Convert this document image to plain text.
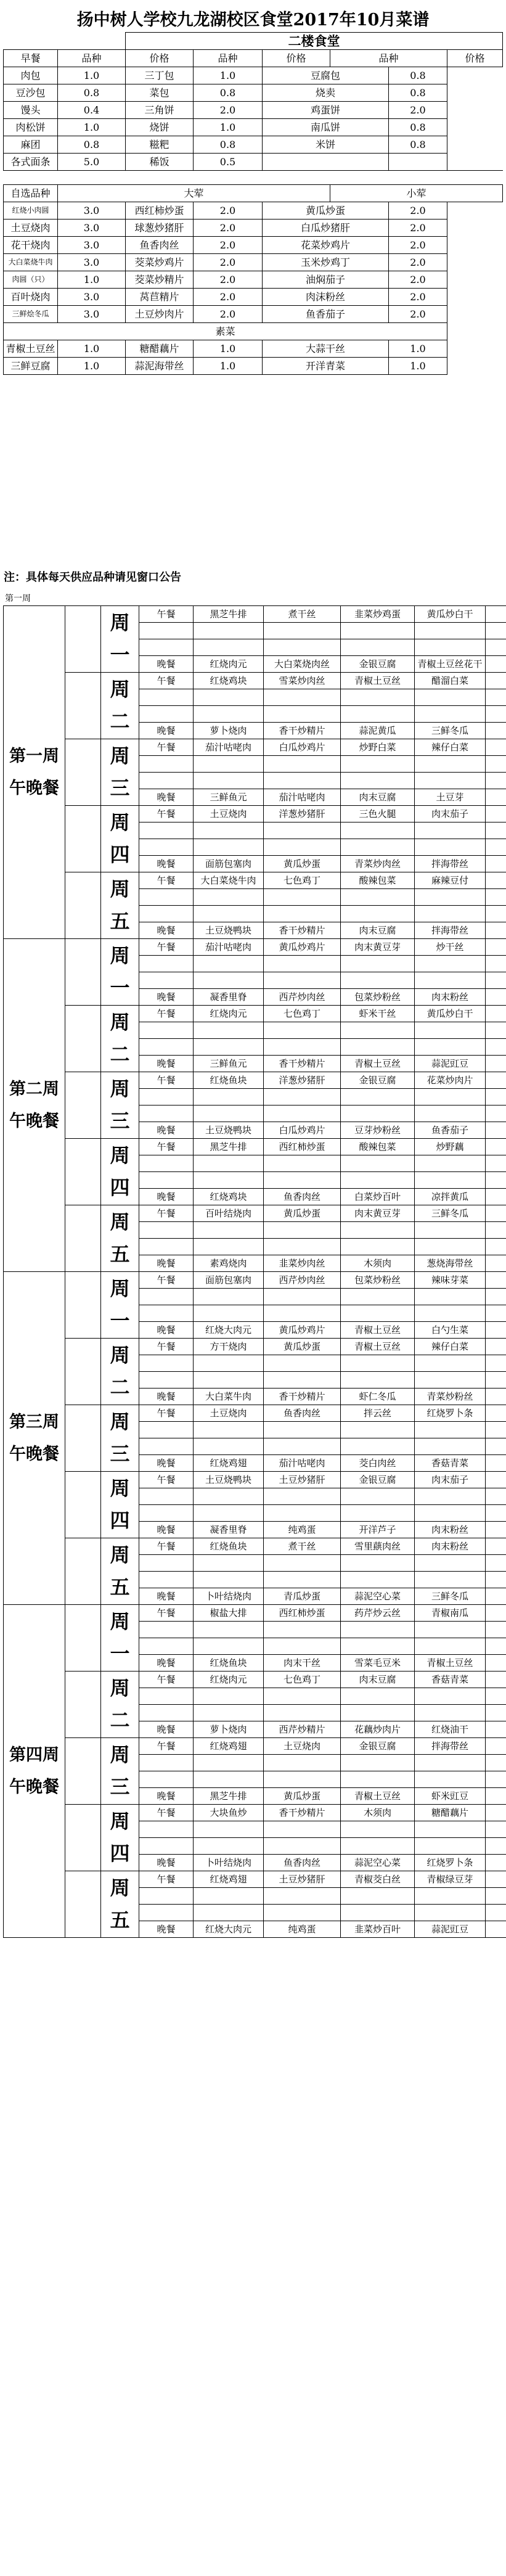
扬中树人学校九龙湖校区食堂2017年10月菜谱
		二楼食堂					
早餐	品种	价格	品种	价格	品种		价格
肉包	1.0	三丁包	1.0	豆腐包		0.8	
豆沙包	0.8	菜包	0.8	烧卖		0.8	
馒头	0.4	三角饼	2.0	鸡蛋饼		2.0	
肉松饼	1.0	烧饼	1.0	南瓜饼		0.8	
麻团	0.8	糍粑	0.8	米饼		0.8	
各式面条	5.0	稀饭	0.5				

自选品种	大荤				小荤		
红烧小肉圆	3.0	西红柿炒蛋	2.0	黄瓜炒蛋		2.0	
土豆烧肉	3.0	球葱炒猪肝	2.0	白瓜炒猪肝		2.0	
花干烧肉	3.0	鱼香肉丝	2.0	花菜炒鸡片		2.0	
大白菜烧牛肉	3.0	茭菜炒鸡片	2.0	玉米炒鸡丁		2.0	
肉圆（只）	1.0	茭菜炒精片	2.0	油焖茄子		2.0	
百叶烧肉	3.0	莴苣精片	2.0	肉沫粉丝		2.0	
三鲜烩冬瓜	3.0	土豆炒肉片	2.0	鱼香茄子		2.0	
素菜							
青椒土豆丝	1.0	糖醋藕片	1.0	大蒜干丝		1.0	
三鲜豆腐	1.0	蒜泥海带丝	1.0	开洋青菜		1.0	
注：具体每天供应品种请见窗口公告
第一周
第一周
午晚餐		周一	午餐	黑芝牛排	煮干丝	韭菜炒鸡蛋	黄瓜炒白干	

			晚餐	红烧肉元	大白菜烧肉丝	金银豆腐	青椒土豆丝花干	
		周二	午餐	红烧鸡块	雪菜炒肉丝	青椒土豆丝	醋溜白菜	

			晚餐	萝卜烧肉	香干炒精片	蒜泥黄瓜	三鲜冬瓜	
		周三	午餐	茄汁咕咾肉	白瓜炒鸡片	炒野白菜	辣仔白菜	

			晚餐	三鲜鱼元	茄汁咕咾肉	肉末豆腐	土豆芽	
		周四	午餐	土豆烧肉	洋葱炒猪肝	三色火腿	肉末茄子	

			晚餐	面筋包塞肉	黄瓜炒蛋	青菜炒肉丝	拌海带丝	
		周五	午餐	大白菜烧牛肉	七色鸡丁	酸辣包菜	麻辣豆付	

			晚餐	土豆烧鸭块	香干炒精片	肉末豆腐	拌海带丝	

第二周
午晚餐		周一	午餐	茄汁咕咾肉	黄瓜炒鸡片	肉末黄豆芽	炒干丝	

			晚餐	凝香里脊	西芹炒肉丝	包菜炒粉丝	肉末粉丝	
		周二	午餐	红烧肉元	七色鸡丁	虾米干丝	黄瓜炒白干	

			晚餐	三鲜鱼元	香干炒精片	青椒土豆丝	蒜泥豇豆	
		周三	午餐	红烧鱼块	洋葱炒猪肝	金银豆腐	花菜炒肉片	

			晚餐	土豆烧鸭块	白瓜炒鸡片	豆芽炒粉丝	鱼香茄子	
		周四	午餐	黑芝牛排	西红柿炒蛋	酸辣包菜	炒野藕	

			晚餐	红烧鸡块	鱼香肉丝	白菜炒百叶	凉拌黄瓜	
		周五	午餐	百叶结烧肉	黄瓜炒蛋	肉末黄豆芽	三鲜冬瓜	

			晚餐	素鸡烧肉	韭菜炒肉丝	木须肉	葱烧海带丝	

第三周
午晚餐		周一	午餐	面筋包塞肉	西芹炒肉丝	包菜炒粉丝	辣味芽菜	

			晚餐	红烧大肉元	黄瓜炒鸡片	青椒土豆丝	白勺生菜	
		周二	午餐	方干烧肉	黄瓜炒蛋	青椒土豆丝	辣仔白菜	

			晚餐	大白菜牛肉	香干炒精片	虾仁冬瓜	青菜炒粉丝	
		周三	午餐	土豆烧肉	鱼香肉丝	拌云丝	红烧罗卜条	

			晚餐	红烧鸡翅	茄汁咕咾肉	茭白肉丝	香菇青菜	
		周四	午餐	土豆烧鸭块	土豆炒猪肝	金银豆腐	肉末茄子	

			晚餐	凝香里脊	纯鸡蛋	开洋芦子	肉末粉丝	
		周五	午餐	红烧鱼块	煮干丝	雪里蕻肉丝	肉末粉丝	

			晚餐	卜叶结烧肉	青瓜炒蛋	蒜泥空心菜	三鲜冬瓜	

第四周
午晚餐		周一	午餐	椒盐大排	西红柿炒蛋	药芹炒云丝	青椒南瓜	

			晚餐	红烧鱼块	肉末干丝	雪菜毛豆米	青椒土豆丝	
		周二	午餐	红烧肉元	七色鸡丁	肉末豆腐	香菇青菜	

			晚餐	萝卜烧肉	西芹炒精片	花藕炒肉片	红烧油干	
		周三	午餐	红烧鸡翅	土豆烧肉	金银豆腐	拌海带丝	

			晚餐	黑芝牛排	黄瓜炒蛋	青椒土豆丝	虾米豇豆	
		周四	午餐	大块鱼炒	香干炒精片	木须肉	糖醋藕片	

			晚餐	卜叶结烧肉	鱼香肉丝	蒜泥空心菜	红烧罗卜条	
		周五	午餐	红烧鸡翅	土豆炒猪肝	青椒茭白丝	青椒绿豆芽	

			晚餐	红烧大肉元	纯鸡蛋	韭菜炒百叶	蒜泥豇豆	
